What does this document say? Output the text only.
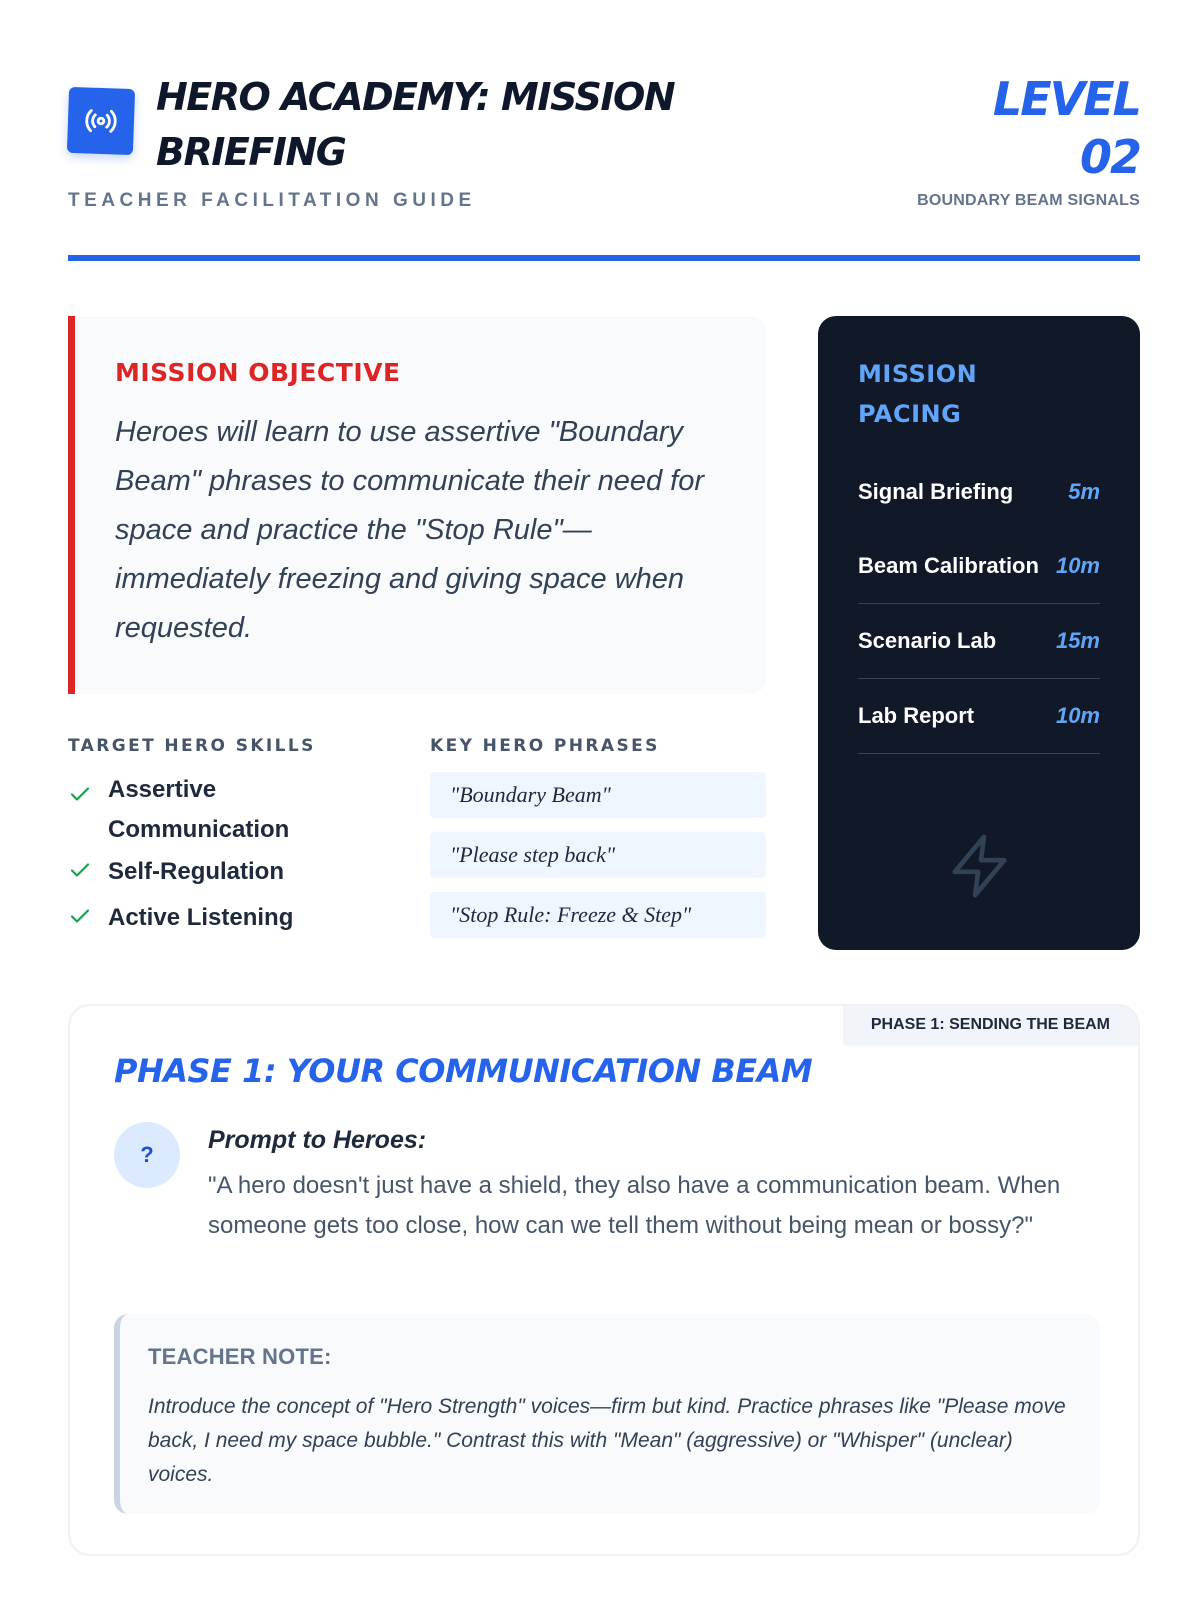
HERO ACADEMY: MISSION BRIEFING
TEACHER FACILITATION GUIDE
LEVEL
02
BOUNDARY BEAM SIGNALS
MISSION OBJECTIVE

Heroes will learn to use assertive "Boundary Beam" phrases to communicate their need for space and practice the "Stop Rule"—immediately freezing and giving space when requested.

TARGET HERO SKILLS
Assertive Communication
Self-Regulation
Active Listening
KEY HERO PHRASES
"Boundary Beam"
"Please step back"
"Stop Rule: Freeze & Step"
MISSION PACING
Signal Briefing 5m
Beam Calibration 10m
Scenario Lab	15m
Lab Report	10m
PHASE 1: SENDING THE BEAM
PHASE 1: YOUR COMMUNICATION BEAM
?
Prompt to Heroes:
"A hero doesn't just have a shield, they also have a communication beam. When someone gets too close, how can we tell them without being mean or bossy?"
TEACHER NOTE:
Introduce the concept of "Hero Strength" voices—firm but kind. Practice phrases like "Please move back, I need my space bubble." Contrast this with "Mean" (aggressive) or "Whisper" (unclear) voices.
